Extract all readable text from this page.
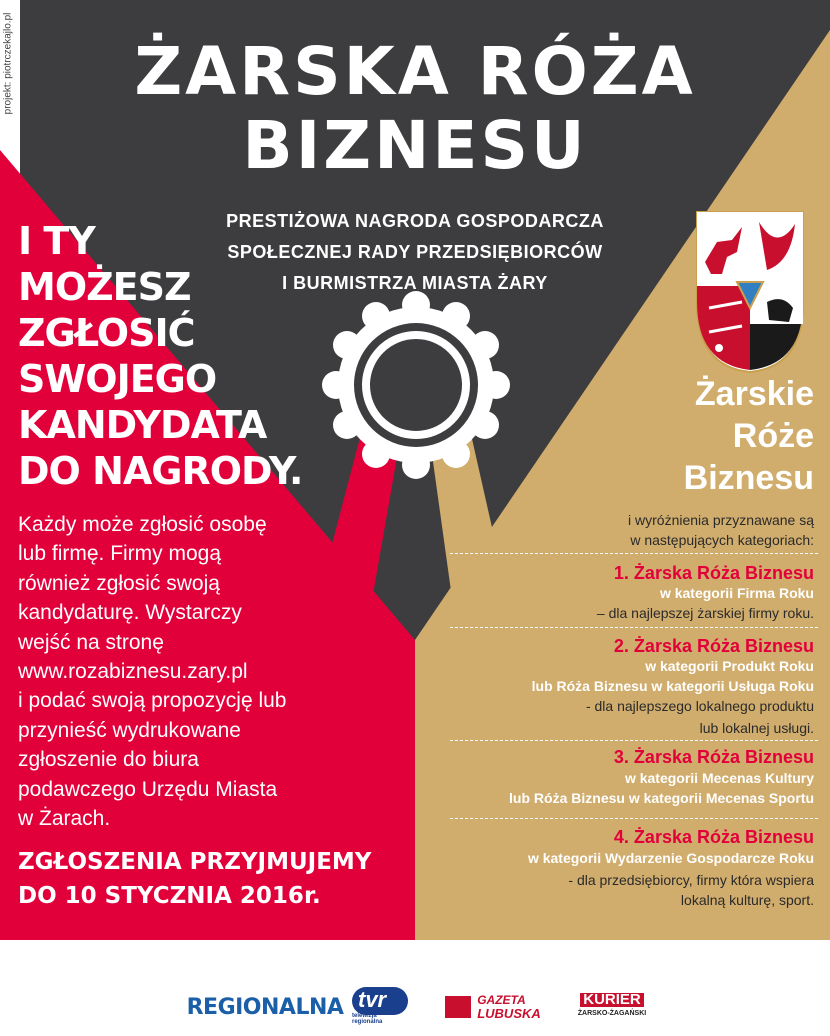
projekt: piotrczekajlo.pl	ŻARSKA RÓŻA
BIZNESU
PRESTIŻOWA NAGRODA GOSPODARCZA
SPOŁECZNEJ RADY PRZEDSIĘBIORCÓW
I BURMISTRZA MIASTA ŻARY
I TY
MOŻESZ
ZGŁOSIĆ
SWOJEGO
KANDYDATA
DO NAGRODY.
Każdy może zgłosić osobę
lub firmę. Firmy mogą
również zgłosić swoją
kandydaturę. Wystarczy
wejść na stronę
www.rozabiznesu.zary.pl
i podać swoją propozycję lub
przynieść wydrukowane
zgłoszenie do biura
podawczego Urzędu Miasta
w Żarach.
ZGŁOSZENIA PRZYJMUJEMY
DO 10 STYCZNIA 2016r.
Żarskie
Róże
Biznesu
i wyróżnienia przyznawane są
w następujących kategoriach:
1. Żarska Róża Biznesu
w kategorii Firma Roku
– dla najlepszej żarskiej firmy roku.
2. Żarska Róża Biznesu
w kategorii Produkt Roku
lub Róża Biznesu w kategorii Usługa Roku
- dla najlepszego lokalnego produktu
lub lokalnej usługi.
3. Żarska Róża Biznesu
w kategorii Mecenas Kultury
lub Róża Biznesu w kategorii Mecenas Sportu
4. Żarska Róża Biznesu
w kategorii Wydarzenie Gospodarcze Roku
- dla przedsiębiorcy, firmy która wspiera
lokalną kulturę, sport.
Patronat medialny
REGIONALNA tvr
telewizja
regionalna
GAZETA
LUBUSKA
KURIER
ŻARSKO-ŻAGAŃSKI
